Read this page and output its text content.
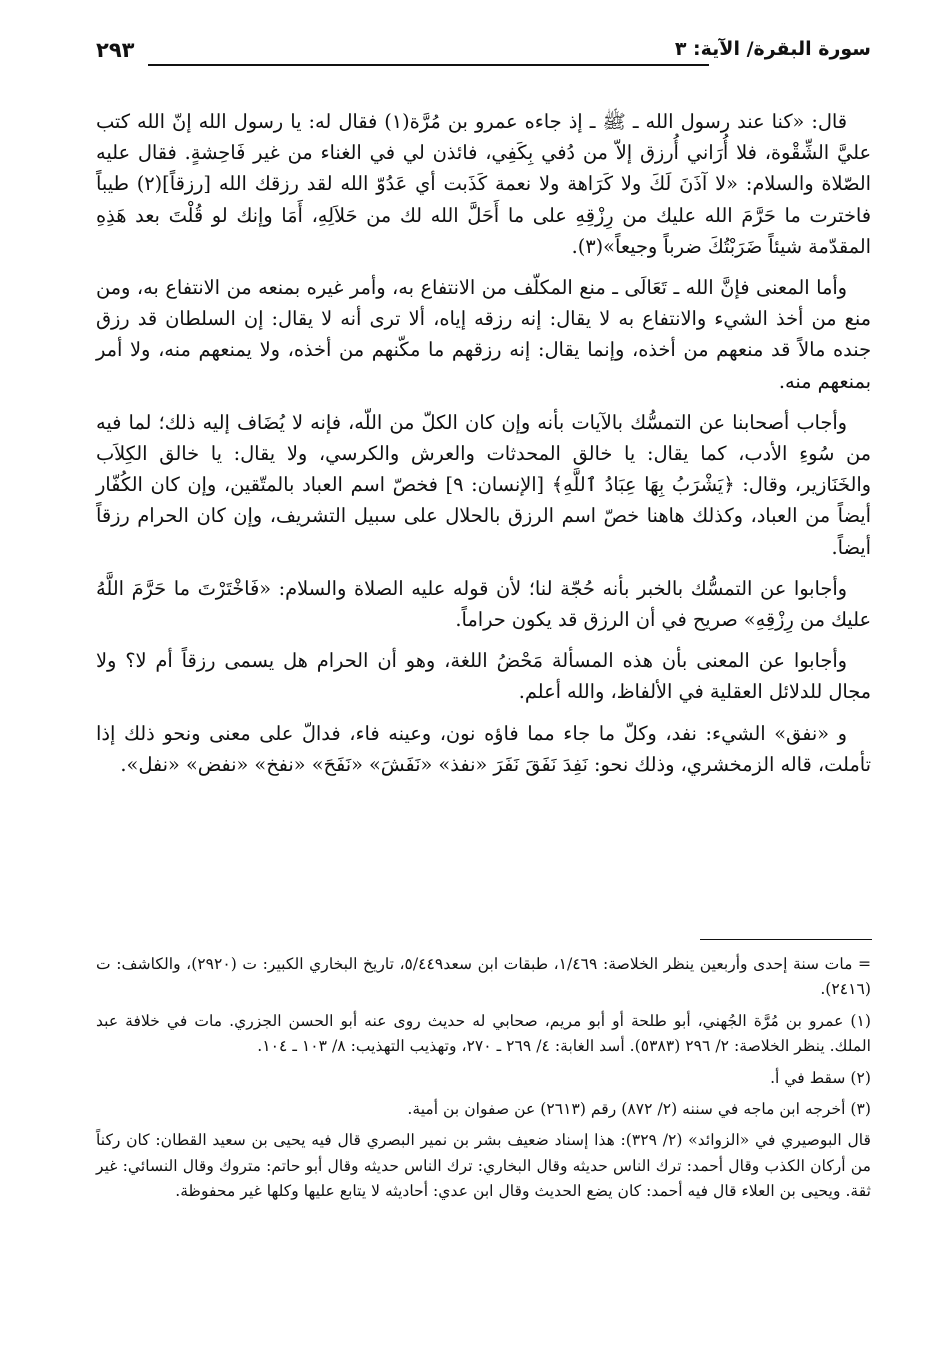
سورة البقرة/ الآية: ٣
٢٩٣

قال: «كنا عند رسول الله ـ ﷺ ـ إذ جاءه عمرو بن مُرَّة(١) فقال له: يا رسول الله إنّ الله كتب عليَّ الشِّقْوة، فلا أُرَاني أُرزق إلاّ من دُفي بِكَفِي، فائذن لي في الغناء من غير فَاحِشةٍ. فقال عليه الصّلاة والسلام: «لا آذَنَ لَكَ ولا كَرَاهة ولا نعمة كَذَبت أي عَدُوّ الله لقد رزقك الله [رزقاً](٢) طيباً فاخترت ما حَرَّمَ الله عليك من رِزْقِهِ على ما أَحَلَّ الله لك من حَلاَلِهِ، أَمَا وإنك لو قُلْتَ بعد هَذِهِ المقدّمة شيئاً ضَرَبْتُكَ ضرباً وجيعاً»(٣).

وأما المعنى فإنَّ الله ـ تَعَالَى ـ منع المكلّف من الانتفاع به، وأمر غيره بمنعه من الانتفاع به، ومن منع من أخذ الشيء والانتفاع به لا يقال: إنه رزقه إياه، ألا ترى أنه لا يقال: إن السلطان قد رزق جنده مالاً قد منعهم من أخذه، وإنما يقال: إنه رزقهم ما مكّنهم من أخذه، ولا يمنعهم منه، ولا أمر بمنعهم منه.

وأجاب أصحابنا عن التمسُّك بالآيات بأنه وإن كان الكلّ من اللّه، فإنه لا يُضَاف إليه ذلك؛ لما فيه من سُوءِ الأدب، كما يقال: يا خالق المحدثات والعرش والكرسي، ولا يقال: يا خالق الكِلاَب والخَنَازير، وقال: ﴿يَشْرَبُ بِهَا عِبَادُ ٱللَّهِ﴾ [الإنسان: ٩] فخصّ اسم العباد بالمتّقين، وإن كان الكُفّار أيضاً من العباد، وكذلك هاهنا خصّ اسم الرزق بالحلال على سبيل التشريف، وإن كان الحرام رزقاً أيضاً.

وأجابوا عن التمسُّك بالخبر بأنه حُجّة لنا؛ لأن قوله عليه الصلاة والسلام: «فَاخْتَرْتَ ما حَرَّمَ اللَّهُ عليك من رِزْقِهِ» صريح في أن الرزق قد يكون حراماً.

وأجابوا عن المعنى بأن هذه المسألة مَحْضُ اللغة، وهو أن الحرام هل يسمى رزقاً أم لا؟ ولا مجال للدلائل العقلية في الألفاظ، والله أعلم.

و «نفق» الشيء: نفد، وكلّ ما جاء مما فاؤه نون، وعينه فاء، فدالّ على معنى ونحو ذلك إذا تأملت، قاله الزمخشري، وذلك نحو: نَفِدَ نَفَقَ نَفَرَ «نفذ» «نَفَشَ» «نَفَحَ» «نفخ» «نفض» «نفل».

= مات سنة إحدى وأربعين ينظر الخلاصة: ١/٤٦٩، طبقات ابن سعد٥/٤٤٩، تاريخ البخاري الكبير: ت (٢٩٢٠)، والكاشف: ت (٢٤١٦).

(١) عمرو بن مُرَّة الجُهني، أبو طلحة أو أبو مريم، صحابي له حديث روى عنه أبو الحسن الجزري. مات في خلافة عبد الملك. ينظر الخلاصة: ٢/ ٢٩٦ (٥٣٨٣). أسد الغابة: ٤/ ٢٦٩ ـ ٢٧٠، وتهذيب التهذيب: ٨/ ١٠٣ ـ ١٠٤.

(٢) سقط في أ.

(٣) أخرجه ابن ماجه في سننه (٢/ ٨٧٢) رقم (٢٦١٣) عن صفوان بن أمية.

قال البوصيري في «الزوائد» (٢/ ٣٢٩): هذا إسناد ضعيف بشر بن نمير البصري قال فيه يحيى بن سعيد القطان: كان ركناً من أركان الكذب وقال أحمد: ترك الناس حديثه وقال البخاري: ترك الناس حديثه وقال أبو حاتم: متروك وقال النسائي: غير ثقة. ويحيى بن العلاء قال فيه أحمد: كان يضع الحديث وقال ابن عدي: أحاديثه لا يتابع عليها وكلها غير محفوظة.
